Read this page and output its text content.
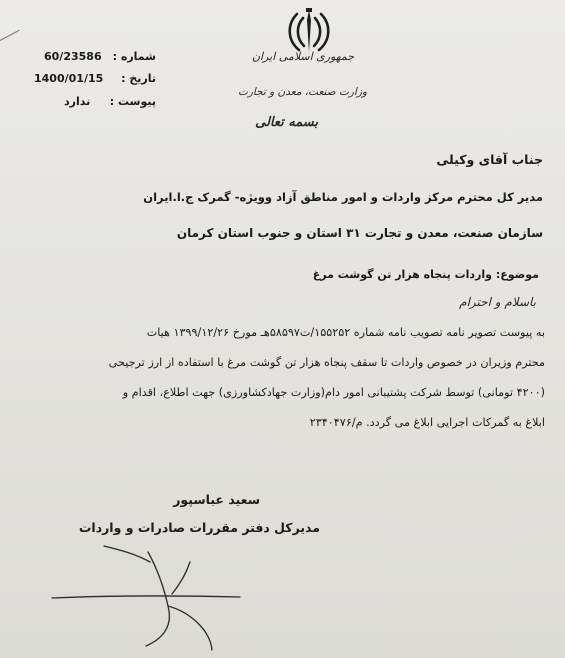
جمهوری اسلامی ایران
وزارت صنعت، معدن و تجارت
بسمه تعالی
شماره :
60/23586
تاریخ :
1400/01/15
پیوست :
ندارد
جناب آقای وکیلی
مدیر کل محترم مرکز واردات و امور مناطق آزاد وویژه- گمرک ج.ا.ایران
سازمان صنعت، معدن و تجارت ۳۱ استان و جنوب استان کرمان
موضوع: واردات پنجاه هزار تن گوشت مرغ
باسلام و احترام
به پیوست تصویر نامه تصویب نامه شماره ۱۵۵۲۵۲/ت۵۸۵۹۷هـ مورخ ۱۳۹۹/۱۲/۲۶ هیات
محترم وزیران در خصوص واردات تا سقف پنجاه هزار تن گوشت مرغ با استفاده از ارز ترجیحی
(۴۲۰۰ تومانی) توسط شرکت پشتیبانی امور دام(وزارت جهادکشاورزی) جهت اطلاع، اقدام و
ابلاغ به گمرکات اجرایی ابلاغ می گردد. م/۲۳۴۰۴۷۶
سعید عباسپور
مدیرکل دفتر مقررات صادرات و واردات
